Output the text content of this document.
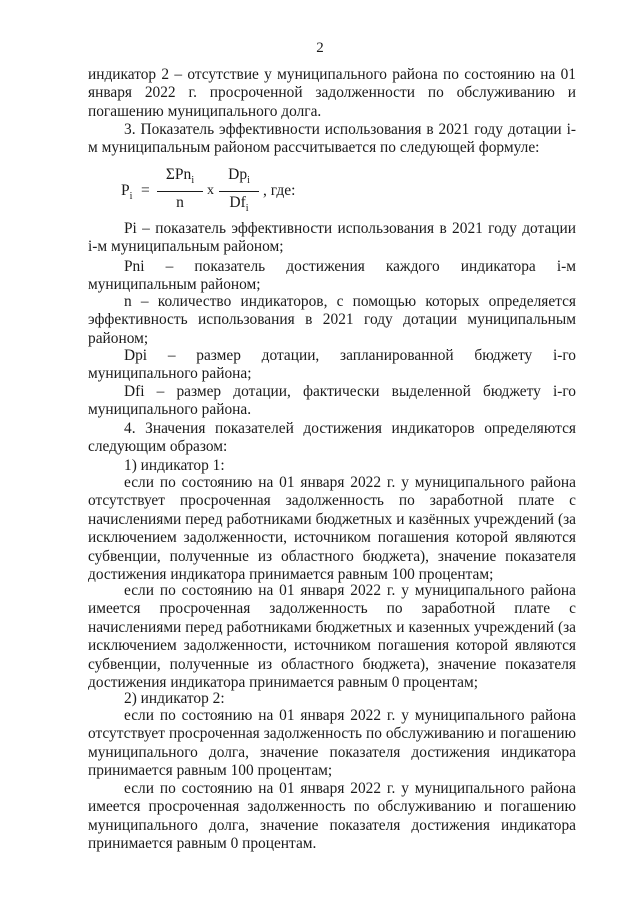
2
индикатор 2 – отсутствие у муниципального района по состоянию на 01 января 2022 г. просроченной задолженности по обслуживанию и погашению муниципального долга.
3. Показатель эффективности использования в 2021 году дотации i-м муниципальным районом рассчитывается по следующей формуле:
$P_i$ =
ΣPn$_i$
n
x
$Dp_i$
$Df_i$
, где:
Pi – показатель эффективности использования в 2021 году дотации i-м муниципальным районом;
Pni – показатель достижения каждого индикатора i-м муниципальным районом;
n – количество индикаторов, с помощью которых определяется эффективность использования в 2021 году дотации муниципальным районом;
Dpi – размер дотации, запланированной бюджету i-го муниципального района;
Dfi – размер дотации, фактически выделенной бюджету i-го муниципального района.
4. Значения показателей достижения индикаторов определяются следующим образом:
1) индикатор 1:
если по состоянию на 01 января 2022 г. у муниципального района отсутствует просроченная задолженность по заработной плате с начислениями перед работниками бюджетных и казённых учреждений (за исключением задолженности, источником погашения которой являются субвенции, полученные из областного бюджета), значение показателя достижения индикатора принимается равным 100 процентам;
если по состоянию на 01 января 2022 г. у муниципального района имеется просроченная задолженность по заработной плате с начислениями перед работниками бюджетных и казенных учреждений (за исключением задолженности, источником погашения которой являются субвенции, полученные из областного бюджета), значение показателя достижения индикатора принимается равным 0 процентам;
2) индикатор 2:
если по состоянию на 01 января 2022 г. у муниципального района отсутствует просроченная задолженность по обслуживанию и погашению муниципального долга, значение показателя достижения индикатора принимается равным 100 процентам;
если по состоянию на 01 января 2022 г. у муниципального района имеется просроченная задолженность по обслуживанию и погашению муниципального долга, значение показателя достижения индикатора принимается равным 0 процентам.
